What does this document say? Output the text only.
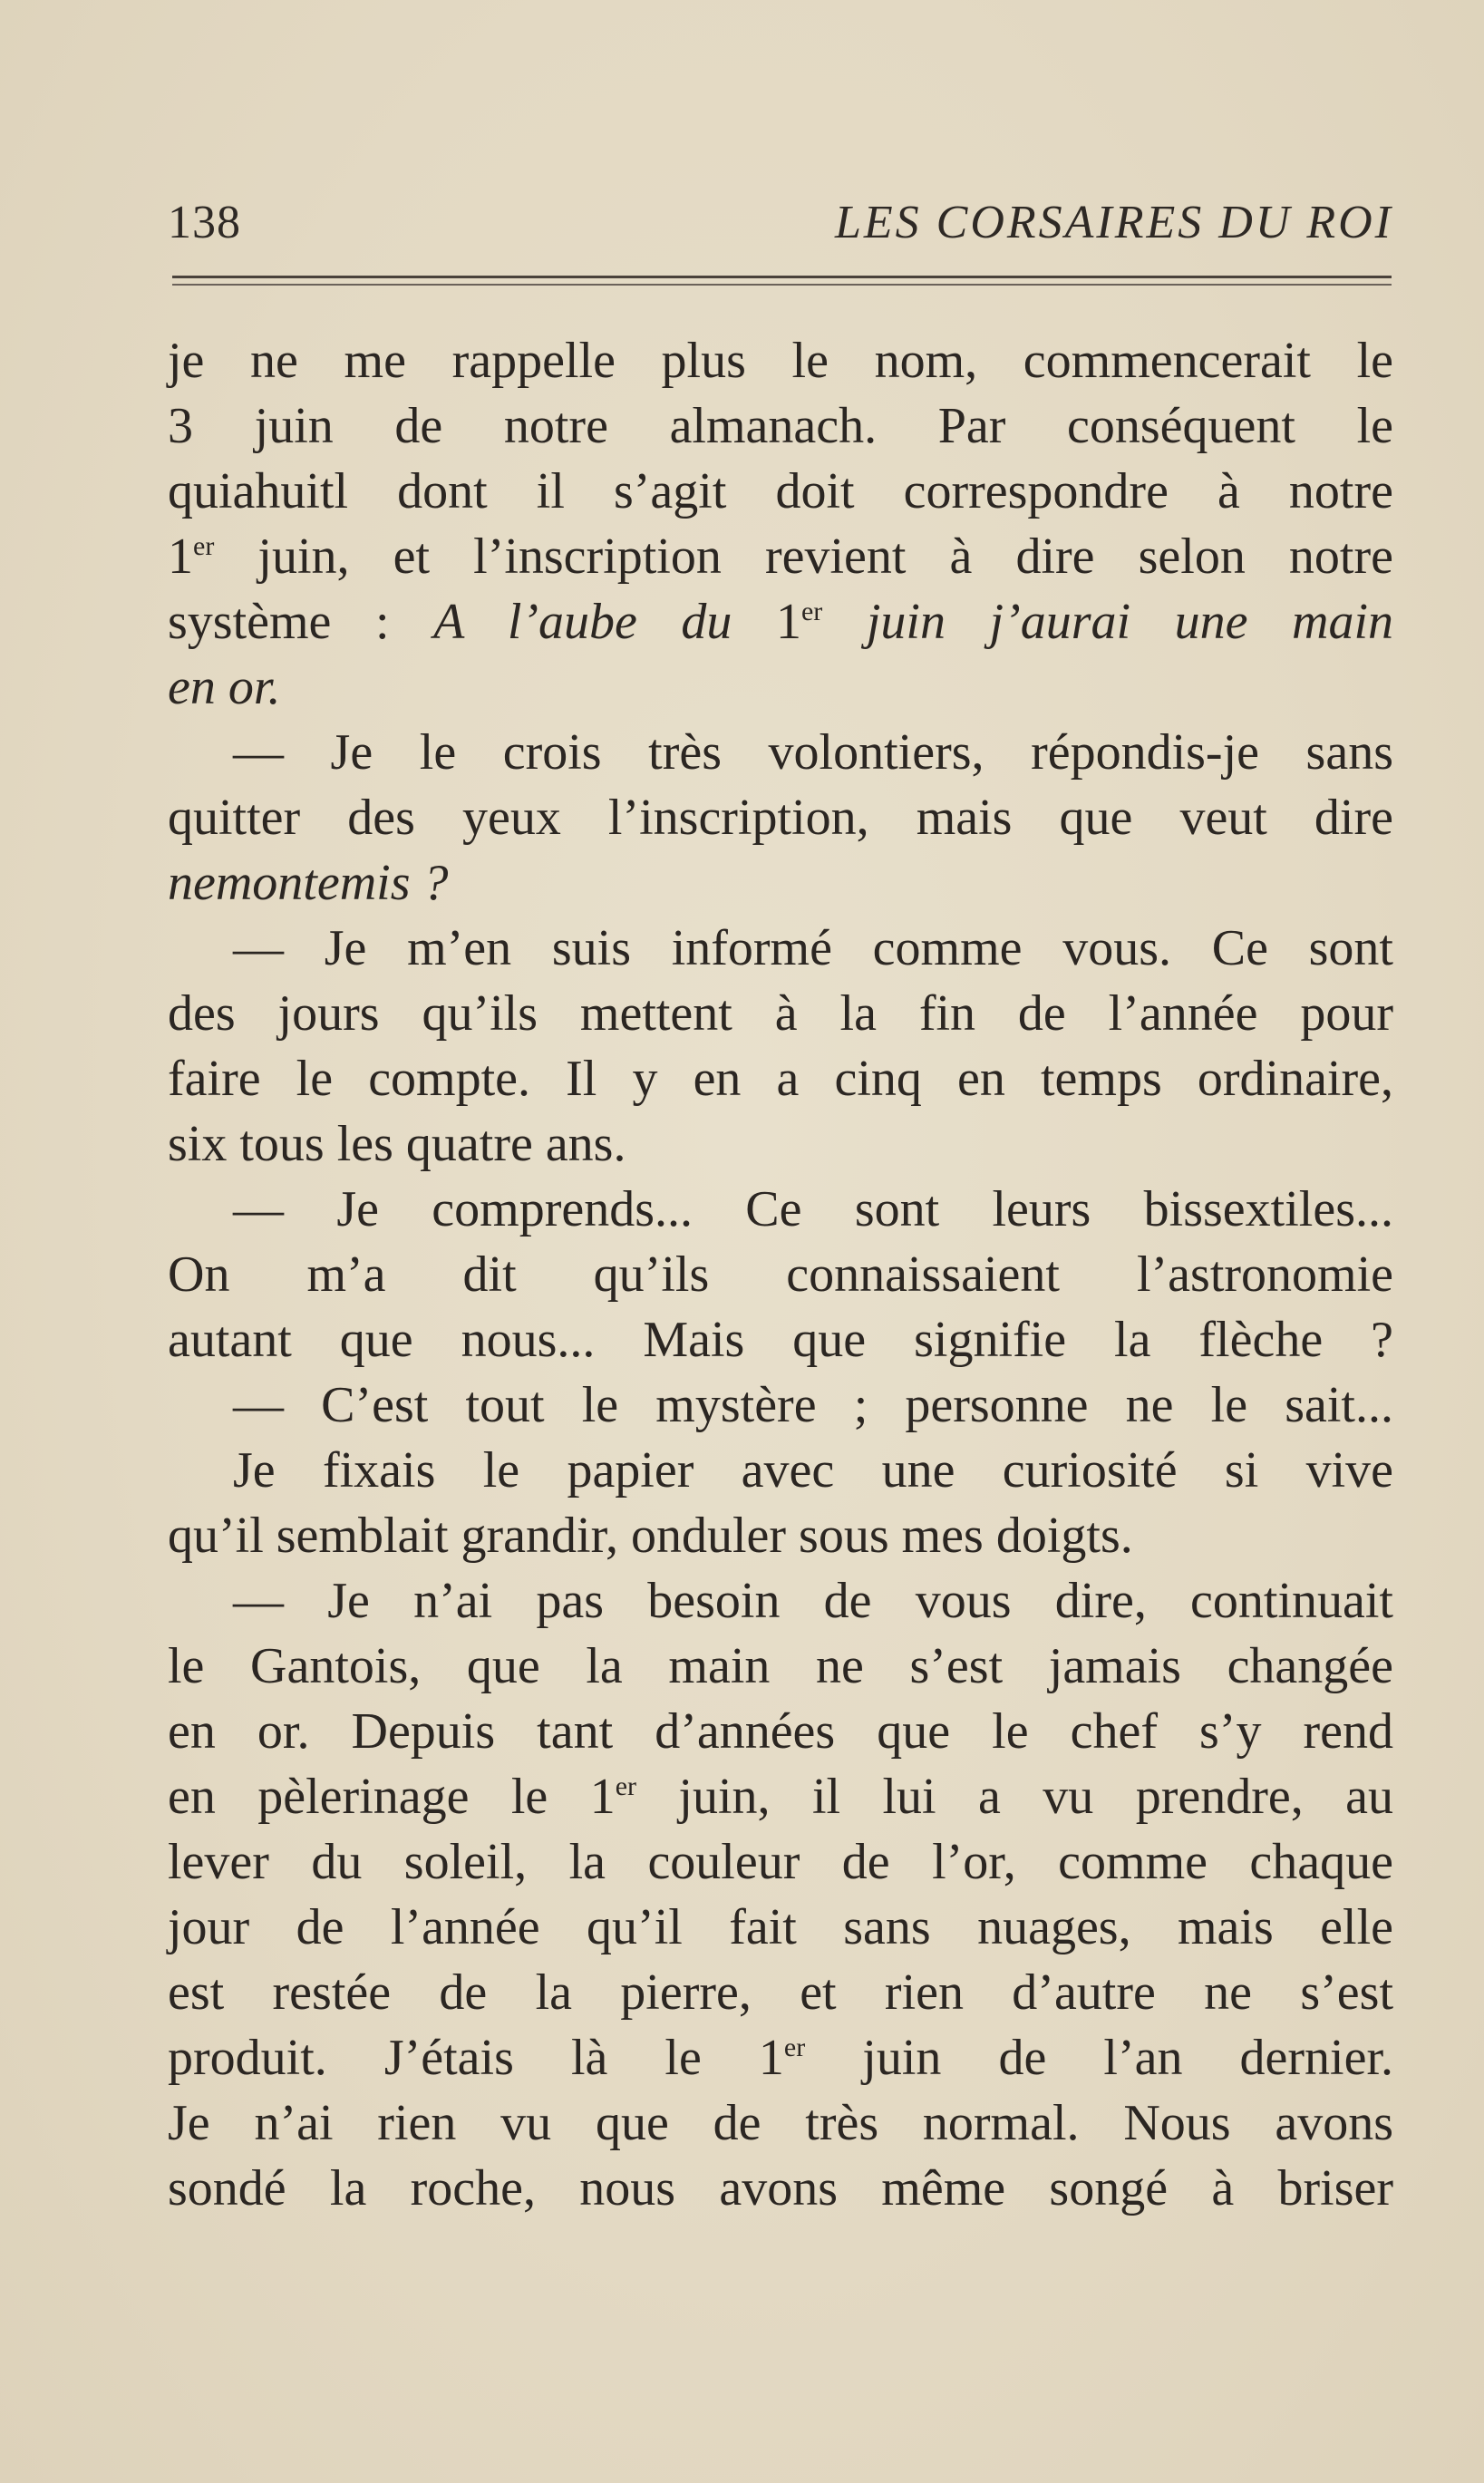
138	LES CORSAIRES DU ROI
je ne me rappelle plus le nom, commencerait le
3 juin de notre almanach. Par conséquent le
quiahuitl dont il s’agit doit correspondre à notre
1er juin, et l’inscription revient à dire selon notre
système : A l’aube du 1er juin j’aurai une main
en or.
— Je le crois très volontiers, répondis-je sans
quitter des yeux l’inscription, mais que veut dire
nemontemis ?
— Je m’en suis informé comme vous. Ce sont
des jours qu’ils mettent à la fin de l’année pour
faire le compte. Il y en a cinq en temps ordinaire,
six tous les quatre ans.
— Je comprends... Ce sont leurs bissextiles...
On m’a dit qu’ils connaissaient l’astronomie
autant que nous... Mais que signifie la flèche ?
— C’est tout le mystère ; personne ne le sait...
Je fixais le papier avec une curiosité si vive
qu’il semblait grandir, onduler sous mes doigts.
— Je n’ai pas besoin de vous dire, continuait
le Gantois, que la main ne s’est jamais changée
en or. Depuis tant d’années que le chef s’y rend
en pèlerinage le 1er juin, il lui a vu prendre, au
lever du soleil, la couleur de l’or, comme chaque
jour de l’année qu’il fait sans nuages, mais elle
est restée de la pierre, et rien d’autre ne s’est
produit. J’étais là le 1er juin de l’an dernier.
Je n’ai rien vu que de très normal. Nous avons
sondé la roche, nous avons même songé à briser
